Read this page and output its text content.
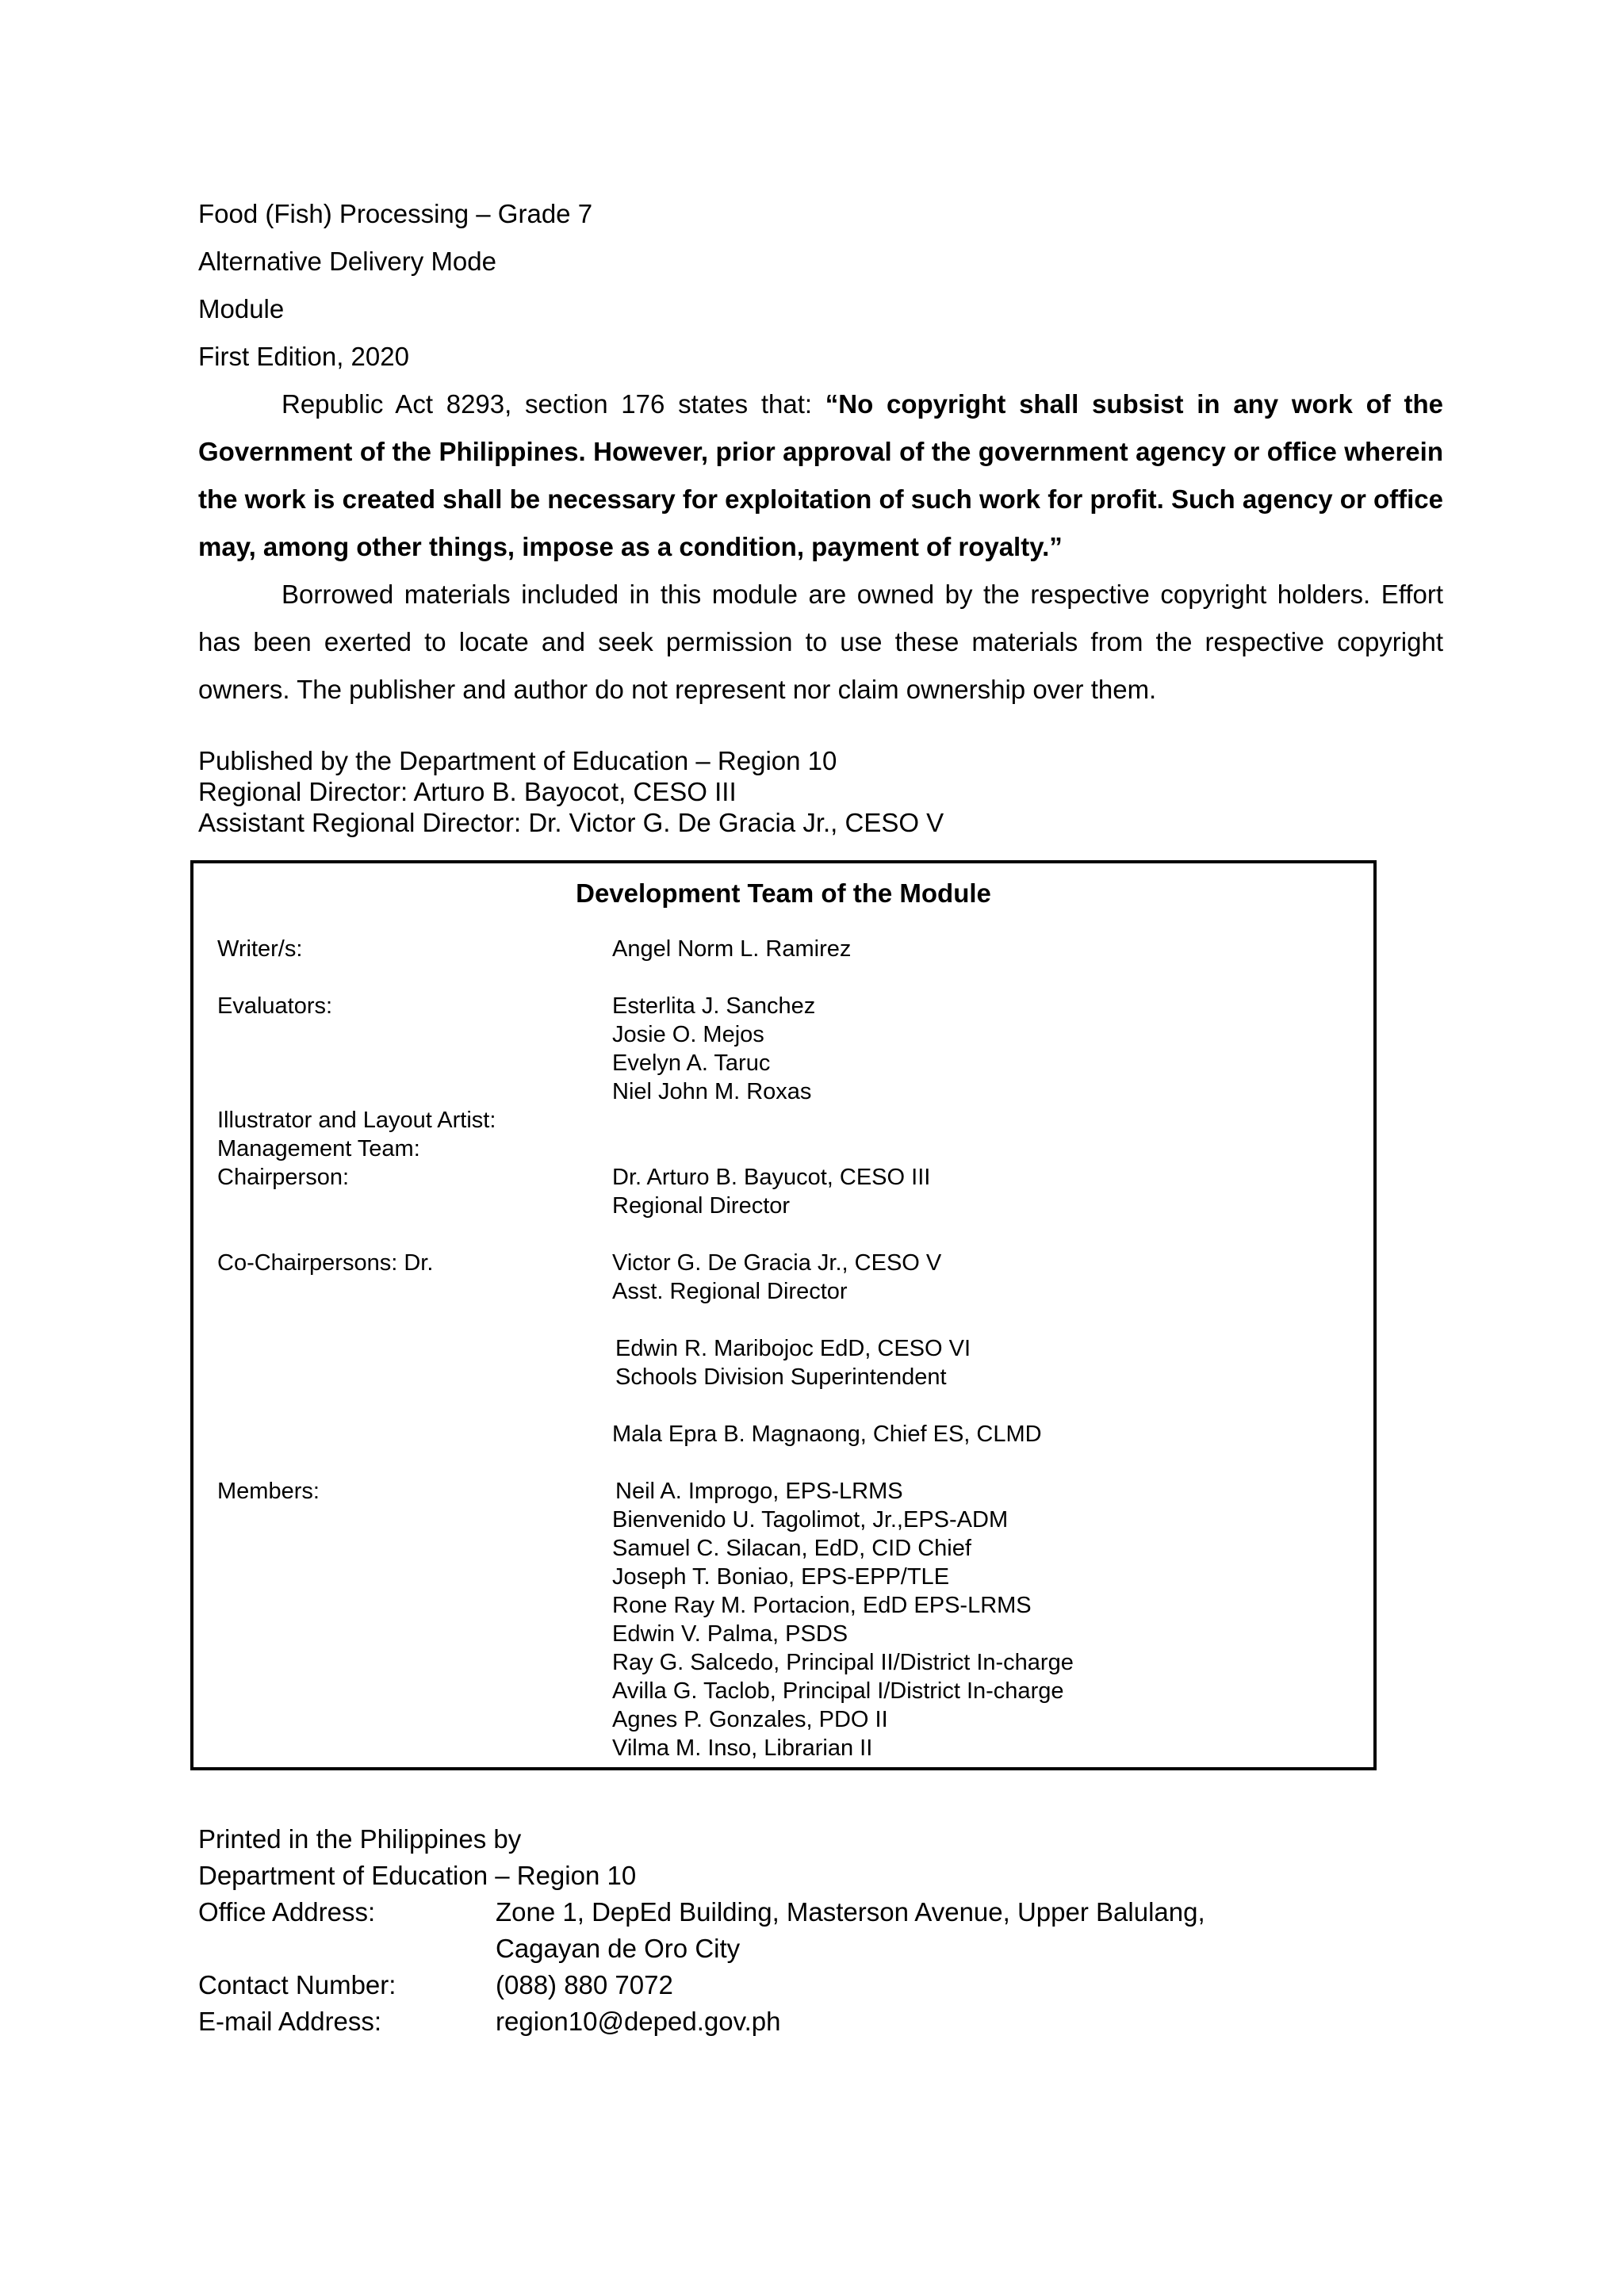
Food (Fish) Processing – Grade 7
Alternative Delivery Mode
Module
First Edition, 2020

Republic Act 8293, section 176 states that: “No copyright shall subsist in any work of the Government of the Philippines. However, prior approval of the government agency or office wherein the work is created shall be necessary for exploitation of such work for profit. Such agency or office may, among other things, impose as a condition, payment of royalty.”

Borrowed materials included in this module are owned by the respective copyright holders. Effort has been exerted to locate and seek permission to use these materials from the respective copyright owners. The publisher and author do not represent nor claim ownership over them.

Published by the Department of Education – Region 10
Regional Director: Arturo B. Bayocot, CESO III
Assistant Regional Director: Dr. Victor G. De Gracia Jr., CESO V
Development Team of the Module
Writer/s:	Angel Norm L. Ramirez
Evaluators:	Esterlita J. Sanchez
Josie O. Mejos
Evelyn A. Taruc
Niel John M. Roxas
Illustrator and Layout Artist:
Management Team:
Chairperson:	Dr. Arturo B. Bayucot, CESO III
Regional Director
Co-Chairpersons: Dr.	Victor G. De Gracia Jr., CESO V
Asst. Regional Director
Edwin R. Maribojoc EdD, CESO VI
Schools Division Superintendent
Mala Epra B. Magnaong, Chief ES, CLMD
Members:	Neil A. Improgo, EPS-LRMS
Bienvenido U. Tagolimot, Jr.,EPS-ADM
Samuel C. Silacan, EdD, CID Chief
Joseph T. Boniao, EPS-EPP/TLE
Rone Ray M. Portacion, EdD EPS-LRMS
Edwin V. Palma, PSDS
Ray G. Salcedo, Principal II/District In-charge
Avilla G. Taclob, Principal I/District In-charge
Agnes P. Gonzales, PDO II
Vilma M. Inso, Librarian II
Printed in the Philippines by
Department of Education – Region 10
Office Address:	Zone 1, DepEd Building, Masterson Avenue, Upper Balulang,
Cagayan de Oro City
Contact Number:	(088) 880 7072
E-mail Address:	region10@deped.gov.ph
